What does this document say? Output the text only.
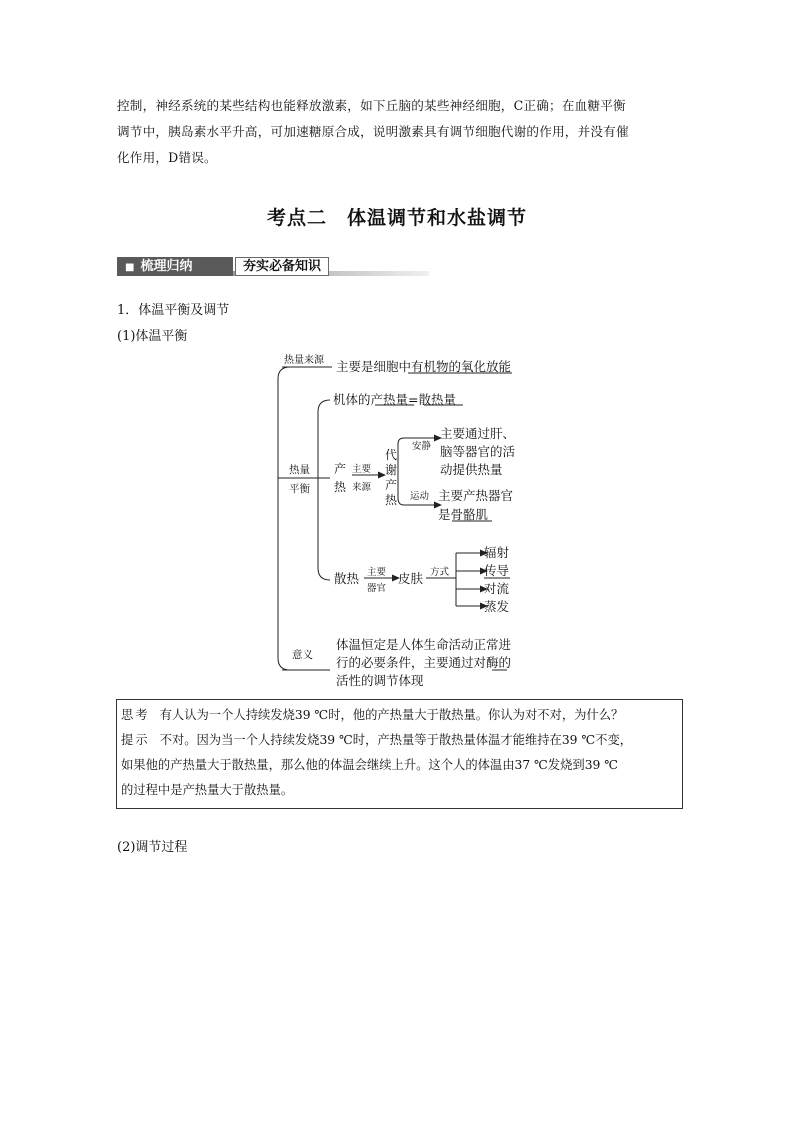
控制，神经系统的某些结构也能释放激素，如下丘脑的某些神经细胞，C正确；在血糖平衡
调节中，胰岛素水平升高，可加速糖原合成，说明激素具有调节细胞代谢的作用，并没有催
化作用，D错误。
考点二　体温调节和水盐调节
■ 梳理归纳	夯实必备知识
1．体温平衡及调节
(1)体温平衡
热量来源 主要是细胞中有机物的氧化放能
热量
平衡
机体的产热量=散热量
产
热
主要
来源
代
谢
产
热
安静
主要通过肝、
脑等器官的活
动提供热量
运动 主要产热器官
是骨骼肌
散热 主要
器官
皮肤 方式
辐射
传导
对流
蒸发
意义
体温恒定是人体生命活动正常进
行的必要条件，主要通过对酶的
活性的调节体现
思考 有人认为一个人持续发烧39 ℃时，他的产热量大于散热量。你认为对不对，为什么？
提示 不对。因为当一个人持续发烧39 ℃时，产热量等于散热量体温才能维持在39 ℃不变，
如果他的产热量大于散热量，那么他的体温会继续上升。这个人的体温由37 ℃发烧到39 ℃
的过程中是产热量大于散热量。
(2)调节过程
